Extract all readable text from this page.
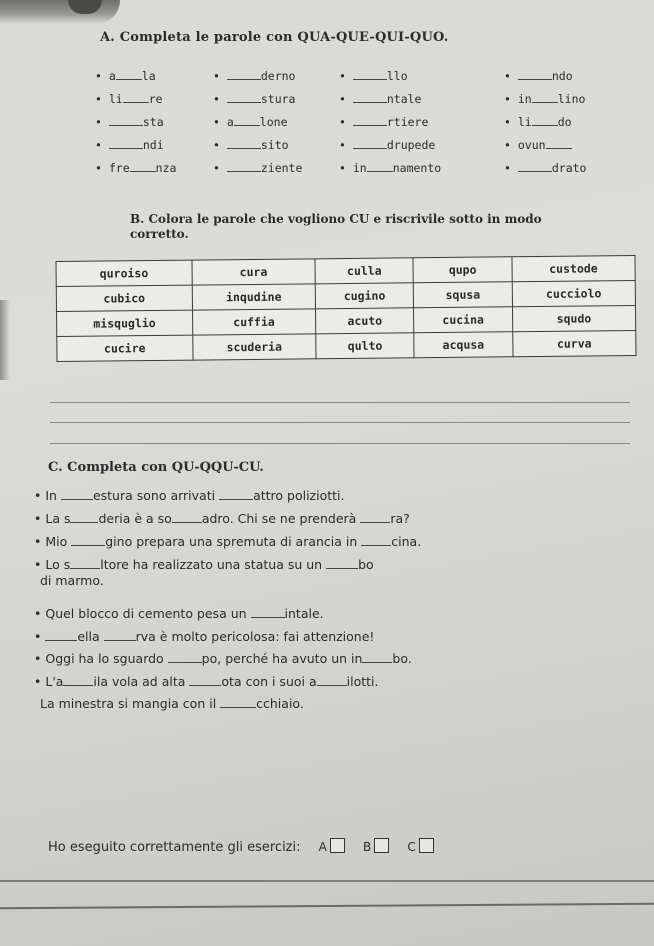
A. Completa le parole con QUA-QUE-QUI-QUO.
• a la	•	derno	•	llo	•	ndo
• li re	•	stura	•	ntale	• in lino
•	sta	• a lone	•	rtiere	• li do
•	ndi	•	sito	•	drupede	• ovun
• fre nza	•	ziente	• in namento	•	drato
B. Colora le parole che vogliono CU e riscrivile sotto in modo corretto.
quroiso	cura	culla	qupo	custode
cubico	inqudine	cugino	squsa	cucciolo
misquglio	cuffia	acuto	cucina	squdo
cucire	scuderia	qulto	acqusa	curva
C. Completa con QU-QQU-CU.
• In	estura sono arrivati	attro poliziotti.
• La s deria è a so adro. Chi se ne prenderà ra?
• Mio	gino prepara una spremuta di arancia in cina.
• Lo s ltore ha realizzato una statua su un	bo
di marmo.
• Quel blocco di cemento pesa un	intale.
•	ella	rva è molto pericolosa: fai attenzione!
• Oggi ha lo sguardo	po, perché ha avuto un in bo.
• L'a ila vola ad alta	ota con i suoi a ilotti.
La minestra si mangia con il	cchiaio.
Ho eseguito correttamente gli esercizi: A	B	C
